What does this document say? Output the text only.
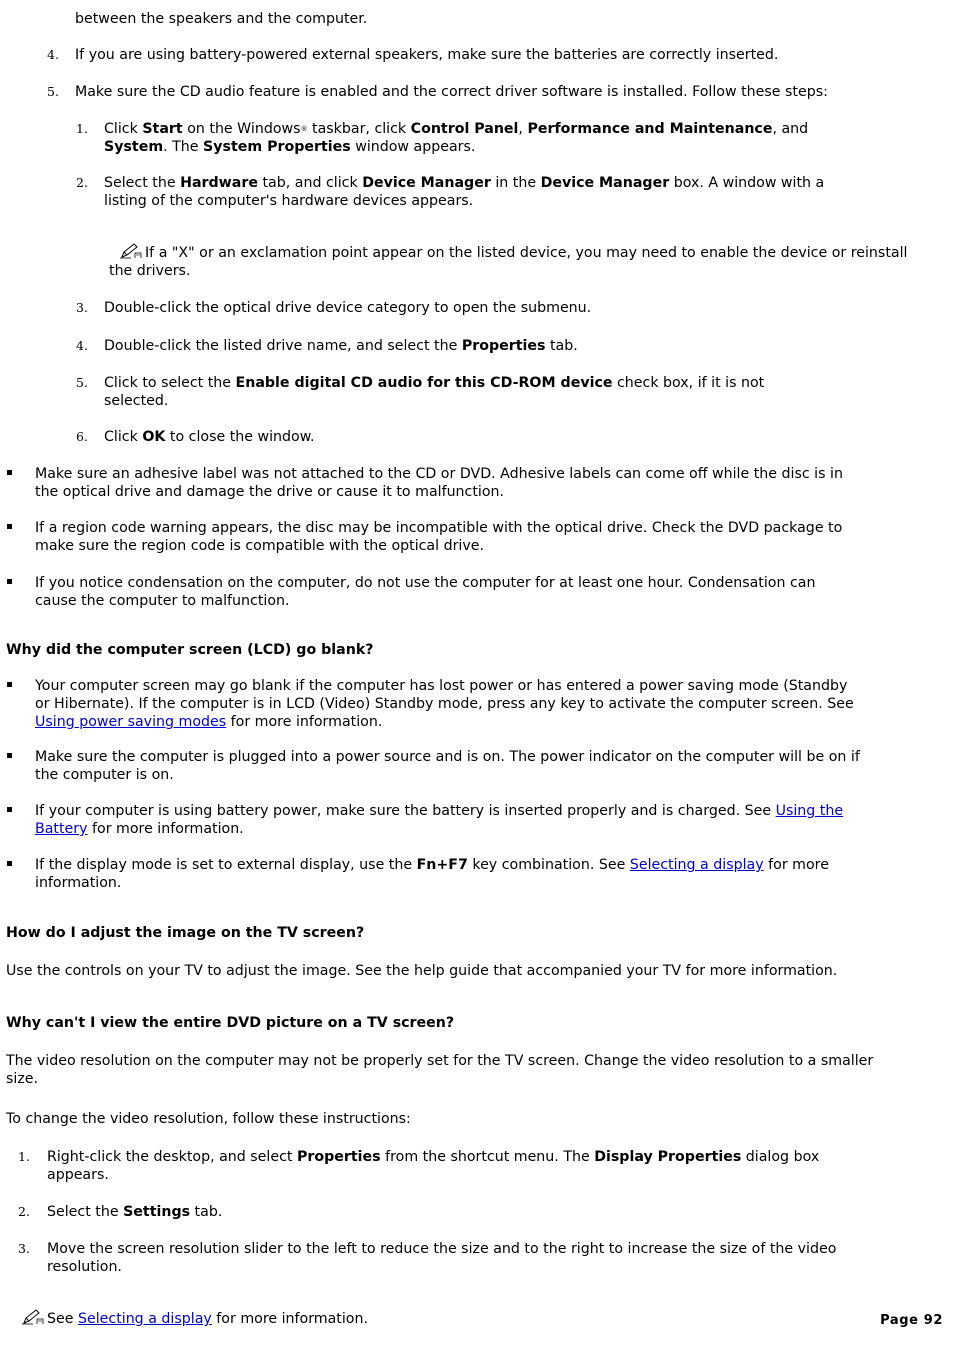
between the speakers and the computer.
4. If you are using battery-powered external speakers, make sure the batteries are correctly inserted.
5. Make sure the CD audio feature is enabled and the correct driver software is installed. Follow these steps:
1. Click Start on the Windows® taskbar, click Control Panel, Performance and Maintenance, and
System. The System Properties window appears.
2. Select the Hardware tab, and click Device Manager in the Device Manager box. A window with a
listing of the computer's hardware devices appears.
If a "X" or an exclamation point appear on the listed device, you may need to enable the device or reinstall the drivers.
3. Double-click the optical drive device category to open the submenu.
4. Double-click the listed drive name, and select the Properties tab.
5. Click to select the Enable digital CD audio for this CD-ROM device check box, if it is not
selected.
6. Click OK to close the window.
Make sure an adhesive label was not attached to the CD or DVD. Adhesive labels can come off while the disc is in
the optical drive and damage the drive or cause it to malfunction.
If a region code warning appears, the disc may be incompatible with the optical drive. Check the DVD package to
make sure the region code is compatible with the optical drive.
If you notice condensation on the computer, do not use the computer for at least one hour. Condensation can
cause the computer to malfunction.
Why did the computer screen (LCD) go blank?
Your computer screen may go blank if the computer has lost power or has entered a power saving mode (Standby
or Hibernate). If the computer is in LCD (Video) Standby mode, press any key to activate the computer screen. See
Using power saving modes for more information.
Make sure the computer is plugged into a power source and is on. The power indicator on the computer will be on if
the computer is on.
If your computer is using battery power, make sure the battery is inserted properly and is charged. See Using the
Battery for more information.
If the display mode is set to external display, use the Fn+F7 key combination. See Selecting a display for more
information.
How do I adjust the image on the TV screen?
Use the controls on your TV to adjust the image. See the help guide that accompanied your TV for more information.
Why can't I view the entire DVD picture on a TV screen?
The video resolution on the computer may not be properly set for the TV screen. Change the video resolution to a smaller
size.
To change the video resolution, follow these instructions:
1. Right-click the desktop, and select Properties from the shortcut menu. The Display Properties dialog box
appears.
2. Select the Settings tab.
3. Move the screen resolution slider to the left to reduce the size and to the right to increase the size of the video
resolution.
See Selecting a display for more information.	Page 92
